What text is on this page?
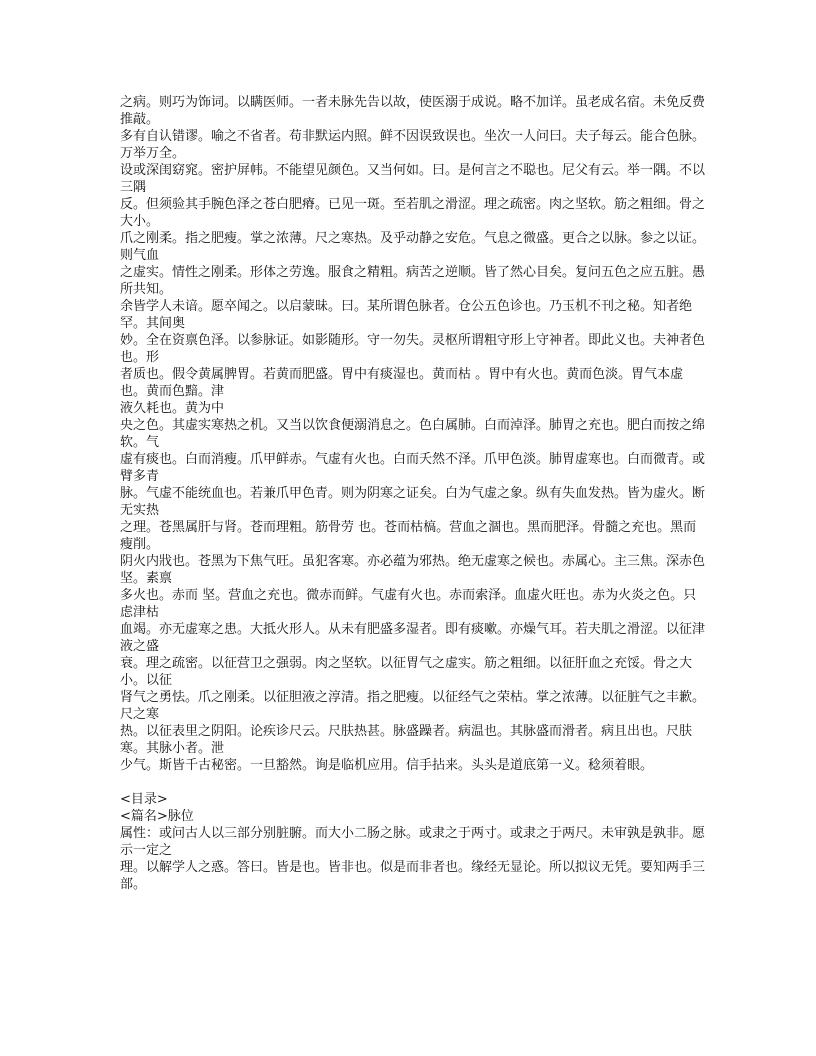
之病。则巧为饰词。以瞒医师。一者未脉先告以故，使医溺于成说。略不加详。虽老成名宿。未免反费推敲。

多有自认错谬。喻之不省者。苟非默运内照。鲜不因误致误也。坐次一人问曰。夫子每云。能合色脉。万举万全。

设或深闺窈窕。密护屏帏。不能望见颜色。又当何如。曰。是何言之不聪也。尼父有云。举一隅。不以三隅

反。但须验其手腕色泽之苍白肥瘠。已见一斑。至若肌之滑涩。理之疏密。肉之坚软。筋之粗细。骨之大小。

爪之刚柔。指之肥瘦。掌之浓薄。尺之寒热。及乎动静之安危。气息之微盛。更合之以脉。参之以证。则气血

之虚实。情性之刚柔。形体之劳逸。服食之精粗。病苦之逆顺。皆了然心目矣。复问五色之应五脏。愚所共知。

余皆学人未谙。愿卒闻之。以启蒙昧。曰。某所谓色脉者。仓公五色诊也。乃玉机不刊之秘。知者绝罕。其间奥

妙。全在资禀色泽。以参脉证。如影随形。守一勿失。灵枢所谓粗守形上守神者。即此义也。夫神者色也。形

者质也。假令黄属脾胃。若黄而肥盛。胃中有痰湿也。黄而枯 。胃中有火也。黄而色淡。胃气本虚也。黄而色黯。津

液久耗也。黄为中

央之色。其虚实寒热之机。又当以饮食便溺消息之。色白属肺。白而淖泽。肺胃之充也。肥白而按之绵软。气

虚有痰也。白而消瘦。爪甲鲜赤。气虚有火也。白而夭然不泽。爪甲色淡。肺胃虚寒也。白而微青。或臂多青

脉。气虚不能统血也。若兼爪甲色青。则为阴寒之证矣。白为气虚之象。纵有失血发热。皆为虚火。断无实热

之理。苍黑属肝与肾。苍而理粗。筋骨劳 也。苍而枯槁。营血之涸也。黑而肥泽。骨髓之充也。黑而瘦削。

阴火内戕也。苍黑为下焦气旺。虽犯客寒。亦必蕴为邪热。绝无虚寒之候也。赤属心。主三焦。深赤色坚。素禀

多火也。赤而 坚。营血之充也。微赤而鲜。气虚有火也。赤而索泽。血虚火旺也。赤为火炎之色。只虑津枯

血竭。亦无虚寒之患。大抵火形人。从未有肥盛多湿者。即有痰嗽。亦燥气耳。若夫肌之滑涩。以征津液之盛

衰。理之疏密。以征营卫之强弱。肉之坚软。以征胃气之虚实。筋之粗细。以征肝血之充馁。骨之大小。以征

肾气之勇怯。爪之刚柔。以征胆液之淳清。指之肥瘦。以征经气之荣枯。掌之浓薄。以征脏气之丰歉。尺之寒

热。以征表里之阴阳。论疾诊尺云。尺肤热甚。脉盛躁者。病温也。其脉盛而滑者。病且出也。尺肤寒。其脉小者。泄

少气。斯皆千古秘密。一旦豁然。询是临机应用。信手拈来。头头是道底第一义。稔须着眼。

<目录>

<篇名>脉位

属性：或问古人以三部分别脏腑。而大小二肠之脉。或隶之于两寸。或隶之于两尺。未审孰是孰非。愿示一定之

理。以解学人之惑。答曰。皆是也。皆非也。似是而非者也。缘经无显论。所以拟议无凭。要知两手三部。
